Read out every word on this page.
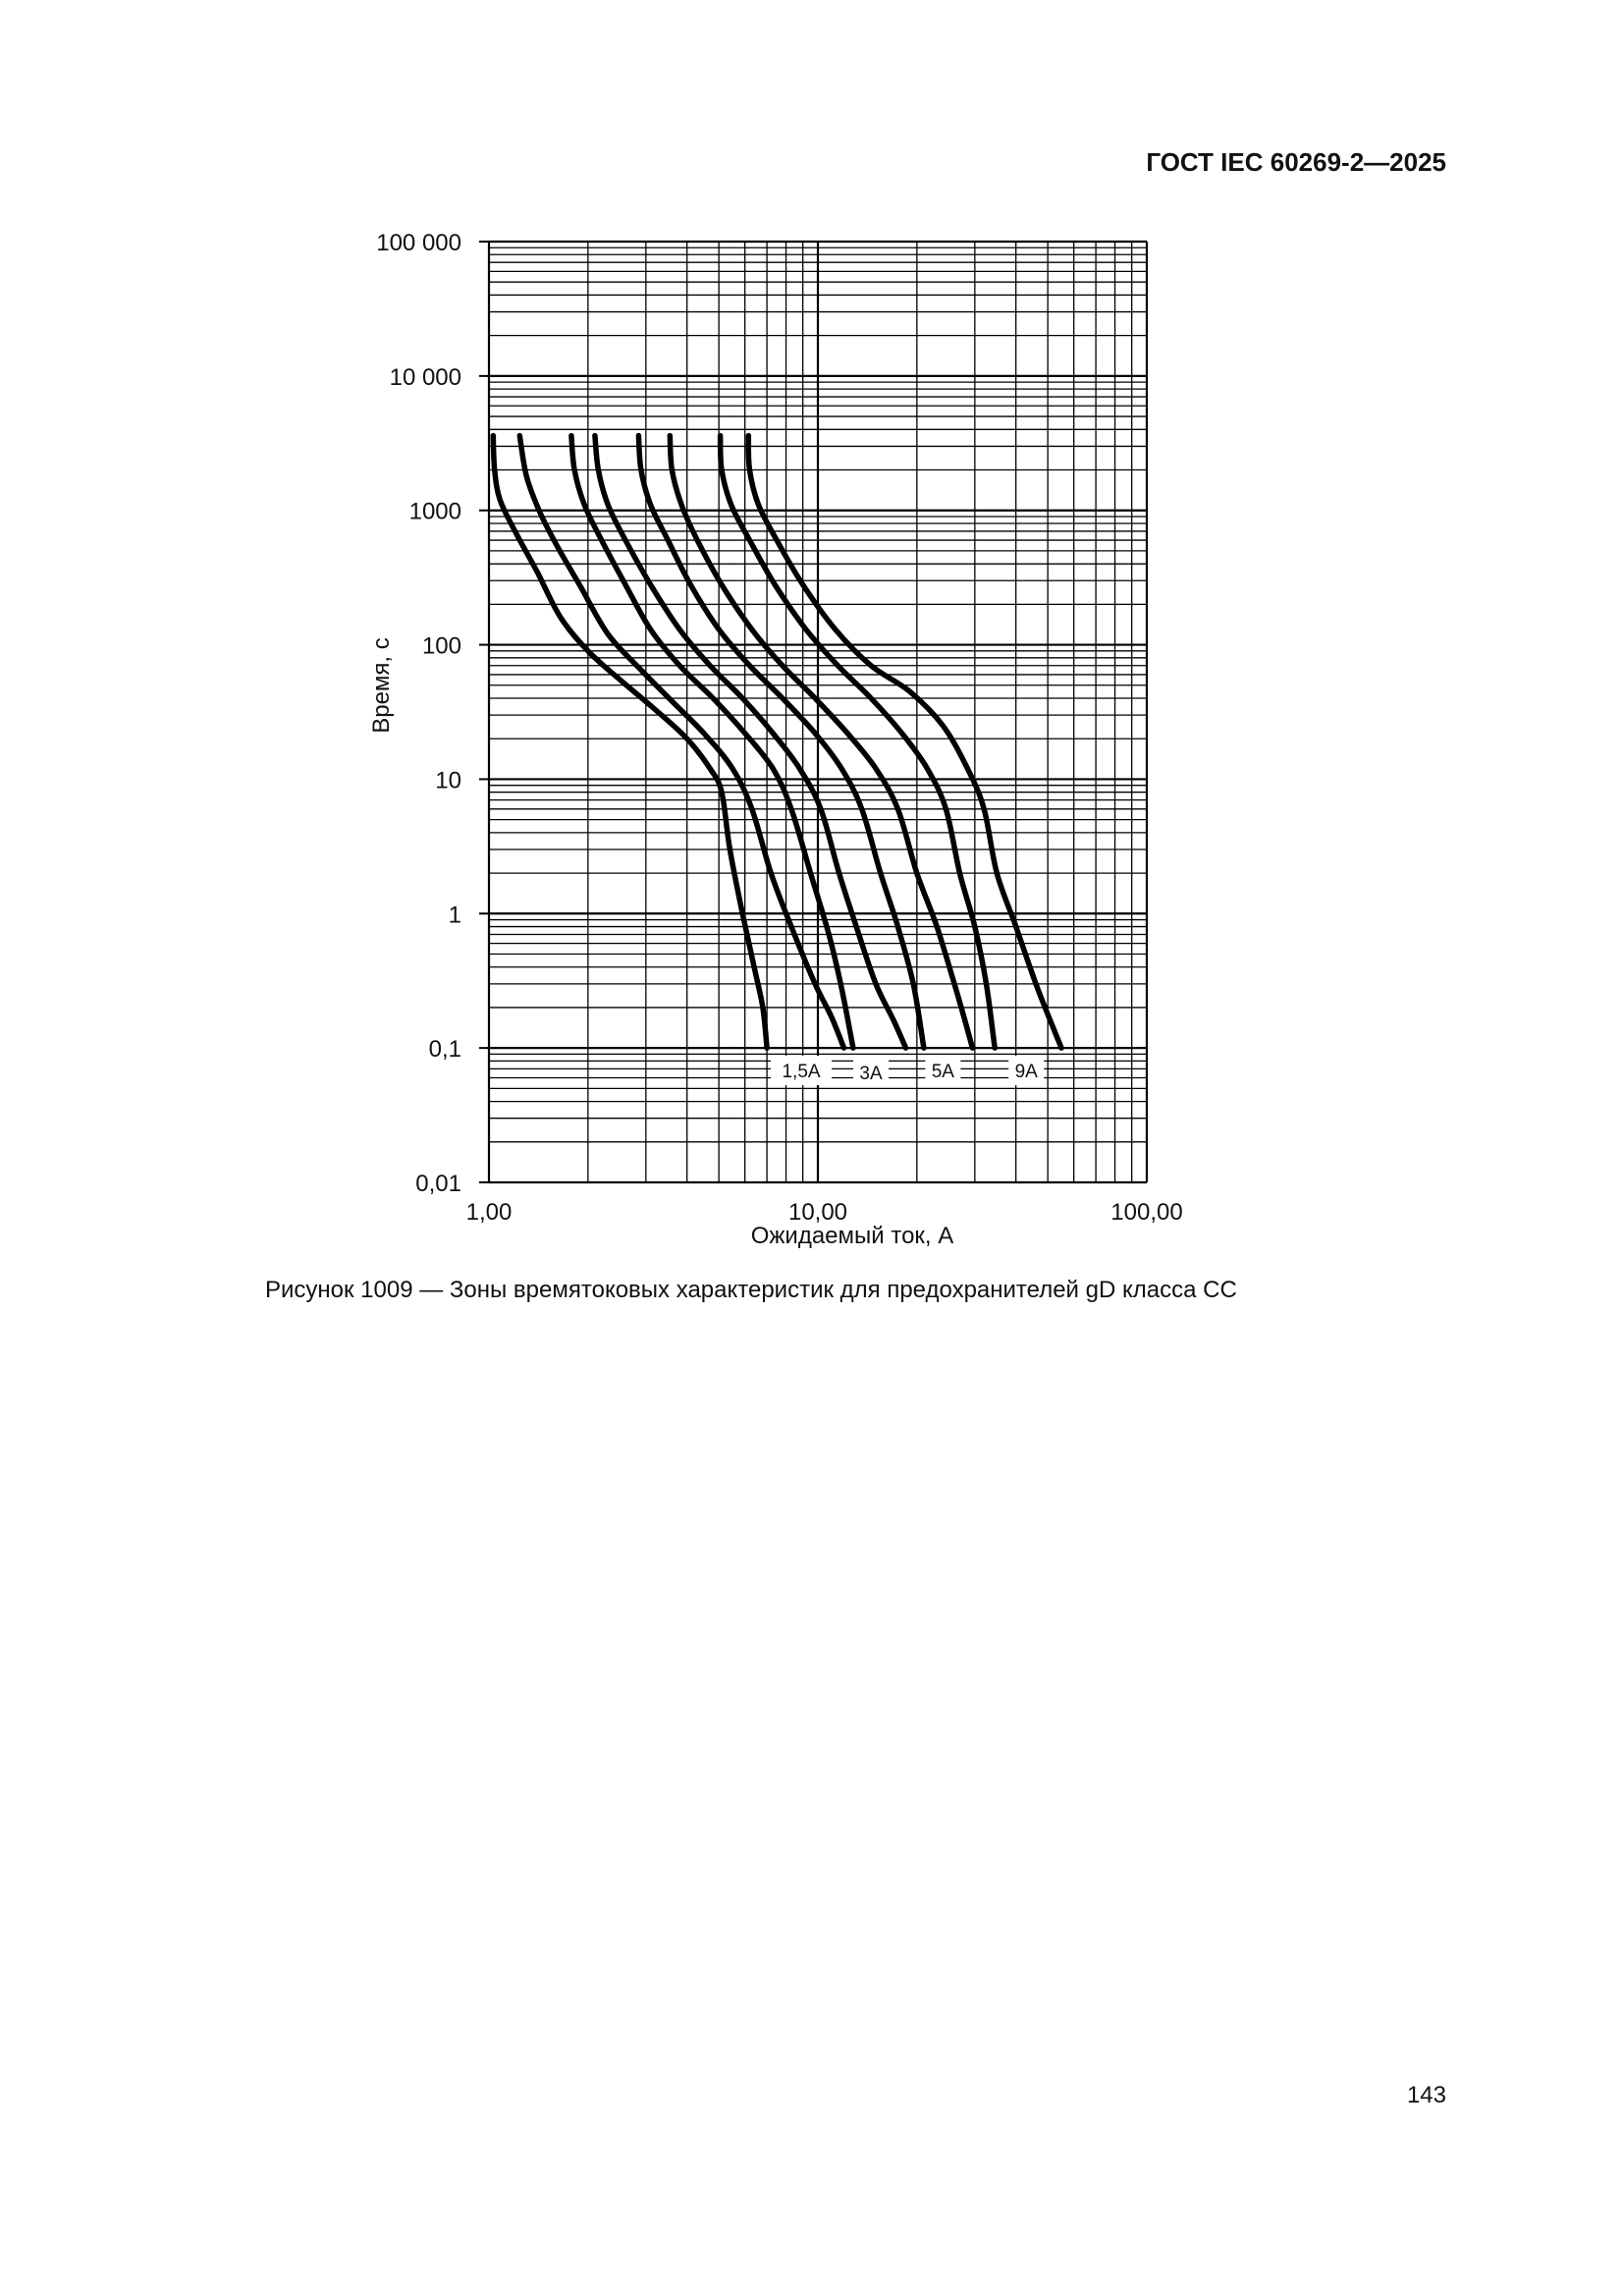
ГОСТ IEC 60269-2—2025
1,5А 3А	5А	9А
100 000
10 000
1000
100
10
1
0,1
0,01
1,00	10,00	100,00
Ожидаемый ток, А
Время, с
Рисунок 1009 — Зоны времятоковых характеристик для предохранителей gD класса CC
143
